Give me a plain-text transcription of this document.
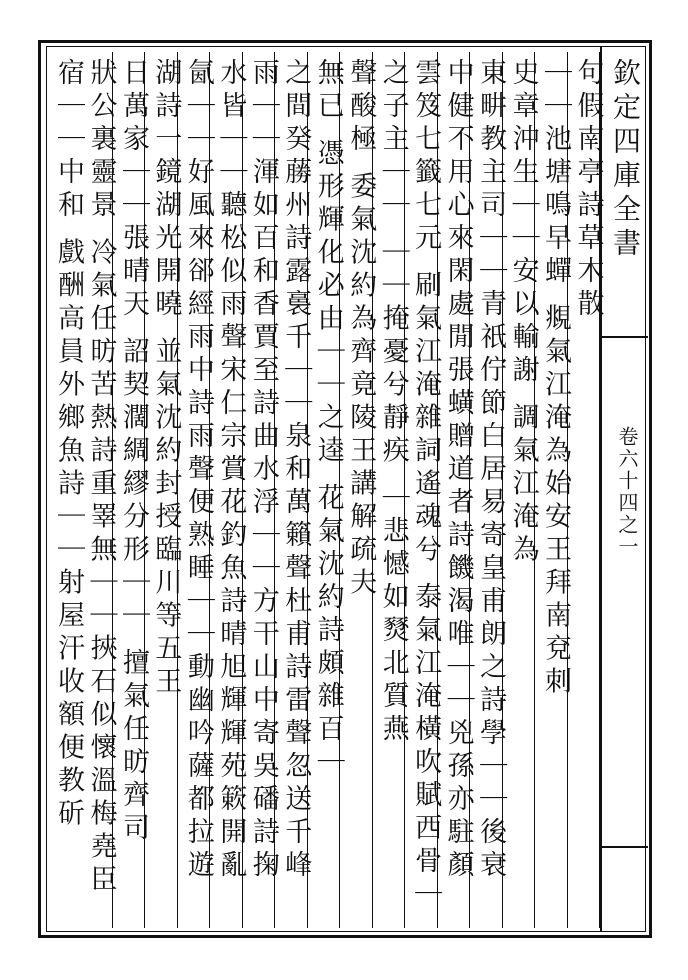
欽定四庫全書
卷六十四之一
句假南亭詩草木散
｜｜池塘鳴早蟬 覜氣江淹為始安王拜南兗刺
史章沖生｜｜安以輸謝 調氣江淹為
東畊教主司｜｜青祇佇節白居易寄皇甫朗之詩學｜｜後衰
中健不用心來閑處閒張蟥贈道者詩饑渴唯｜｜兇孫亦駐顏
雲笈七籤七元 刷氣江淹雜詞遙魂兮 泰氣江淹橫吹賦西骨｜
之子主｜｜ ｜｜掩憂兮靜疾 ｜悲憾如燹北質燕
聲酸極 委氣沈約為齊竟陵王講解疏夫
無已 憑形輝化必由｜｜之逵 花氣沈約詩頗雜百｜
之間癸蕂州詩露裛千｜｜泉和萬籟聲杜甫詩雷聲忽送千峰
雨｜｜渾如百和香賈至詩曲水浮｜｜方干山中寄吳磻詩掬
水皆｜｜聽松似雨聲宋仁宗賞花釣魚詩晴旭輝輝苑簌開亂
氤｜｜好風來郤經雨中詩雨聲便熟睡｜｜動幽吟薩都拉遊
湖詩一鏡湖光開曉 並氣沈約封授臨川等五王
日萬家｜｜張晴天 詔契濶綢繆分形｜｜ 擅氣任昉齊司
狀公裏靈景 冷氣任昉苦熱詩重睪無｜｜挾石似懷溫梅堯臣
宿｜｜中和 戲酬高員外鄉魚詩｜｜射屋汗收額便教斫
